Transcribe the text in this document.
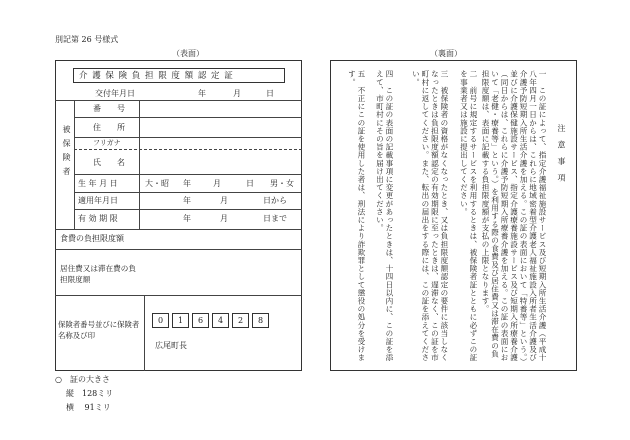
別記第 26 号様式
（表面）	（裏面）
介 護 保 険 負 担 限 度 額 認 定 証
交付年月日	年	月	日
被保険者
番　　号
住　　所
フリガナ
氏　　名
生 年 月 日	大・昭 年	月	日 男・女
適用年月日	年	月	日から
有 効 期 限	年	月	日まで
食費の負担限度額
居住費又は滞在費の負担限度額
保険者番号並びに保険者名称及び印
0	1	6	4	2	8
広尾町長
注 意 事 項
一　この証によって、指定介護福祉施設サービス及び短期入所生活介護（平成十八年四月一日からは、これらに地域密着型介護老人福祉施設入所者生活介護及び介護予防短期入所生活介護を加える。この証の表面において「特養等」という。）並びに介護保健施設サービス、指定介護療養施設サービス及び短期入所療養介護（同日からは、これらに介護予防短期入所療養介護を加える。この証の表面において「老健・療養等」という。）を利用する際の食費及び居住費又は滞在費の負担限度額は、表面に記載する負担限度額が支払の上限となります。
二　前号に規定するサービスを利用するときは、被保険者証とともに必ずこの証を事業者又は施設に提出してください。
三　被保険者の資格がなくなったとき、又は負担限度額認定の要件に該当しなくなったときは負担限度額認定の有効期限に至ったときは、遅滞なく、この証を市町村に返してください。また、転出の届出をする際には、この証を添えてください。
四　この証の表面の記載事項に変更があったときは、十四日以内に、この証を添えて、市町村にその旨を届け出てください。
五　不正にこの証を使用した者は、刑法により詐欺罪として懲役の処分を受けます。
○　証の大きさ
縦　128ミリ
横　 91ミリ
